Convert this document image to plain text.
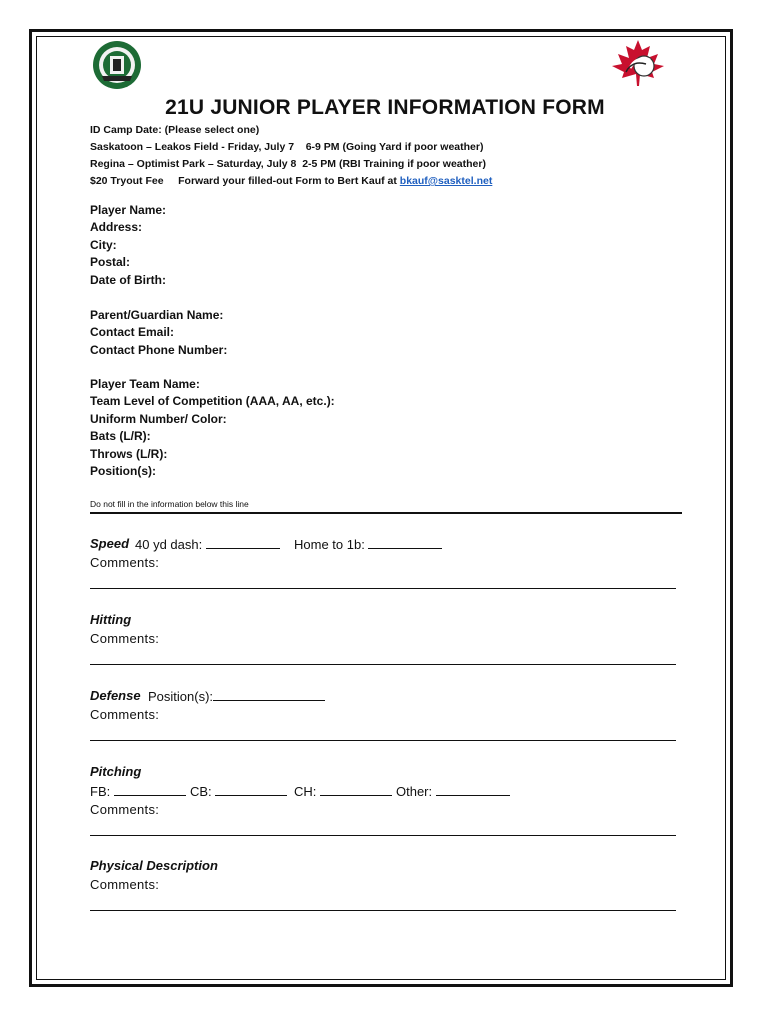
21U JUNIOR PLAYER INFORMATION FORM
ID Camp Date: (Please select one)
Saskatoon – Leakos Field - Friday, July 7    6-9 PM (Going Yard if poor weather)
Regina – Optimist Park – Saturday, July 8  2-5 PM (RBI Training if poor weather)
$20 Tryout Fee     Forward your filled-out Form to Bert Kauf at bkauf@sasktel.net
Player Name:
Address:
City:
Postal:
Date of Birth:
Parent/Guardian Name:
Contact Email:
Contact Phone Number:
Player Team Name:
Team Level of Competition (AAA, AA, etc.):
Uniform Number/ Color:
Bats (L/R):
Throws (L/R):
Position(s):
Do not fill in the information below this line
Speed 40 yd dash:	Home to 1b:
Comments:
Hitting
Comments:
Defense Position(s):
Comments:
Pitching
FB:	CB:	CH:	Other:
Comments:
Physical Description
Comments:
